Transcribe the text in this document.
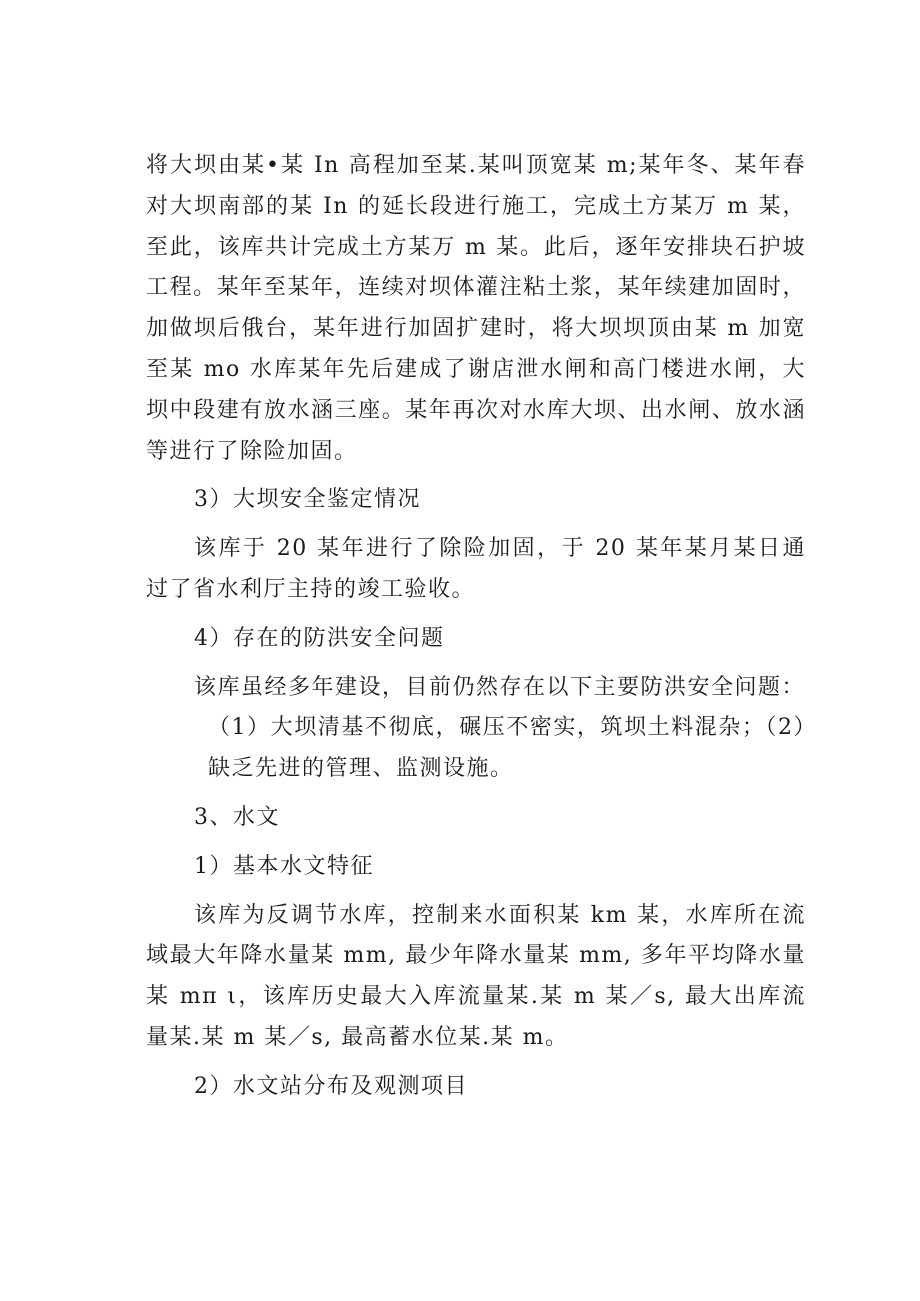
将大坝由某•某 In 高程加至某.某叫顶宽某 m;某年冬、某年春对大坝南部的某 In 的延长段进行施工，完成土方某万 m 某，至此，该库共计完成土方某万 m 某。此后，逐年安排块石护坡工程。某年至某年，连续对坝体灌注粘土浆，某年续建加固时，加做坝后俄台，某年进行加固扩建时，将大坝坝顶由某 m 加宽至某 mo 水库某年先后建成了谢店泄水闸和高门楼进水闸，大坝中段建有放水涵三座。某年再次对水库大坝、出水闸、放水涵等进行了除险加固。

3）大坝安全鉴定情况

该库于 20 某年进行了除险加固，于 20 某年某月某日通过了省水利厅主持的竣工验收。

4）存在的防洪安全问题

该库虽经多年建设，目前仍然存在以下主要防洪安全问题：

（1）大坝清基不彻底，碾压不密实，筑坝土料混杂；（2）缺乏先进的管理、监测设施。

3、水文

1）基本水文特征

该库为反调节水库，控制来水面积某 km 某，水库所在流域最大年降水量某 mm, 最少年降水量某 mm, 多年平均降水量某 mπ ι，该库历史最大入库流量某.某 m 某／s, 最大出库流量某.某 m 某／s, 最高蓄水位某.某 m。

2）水文站分布及观测项目
